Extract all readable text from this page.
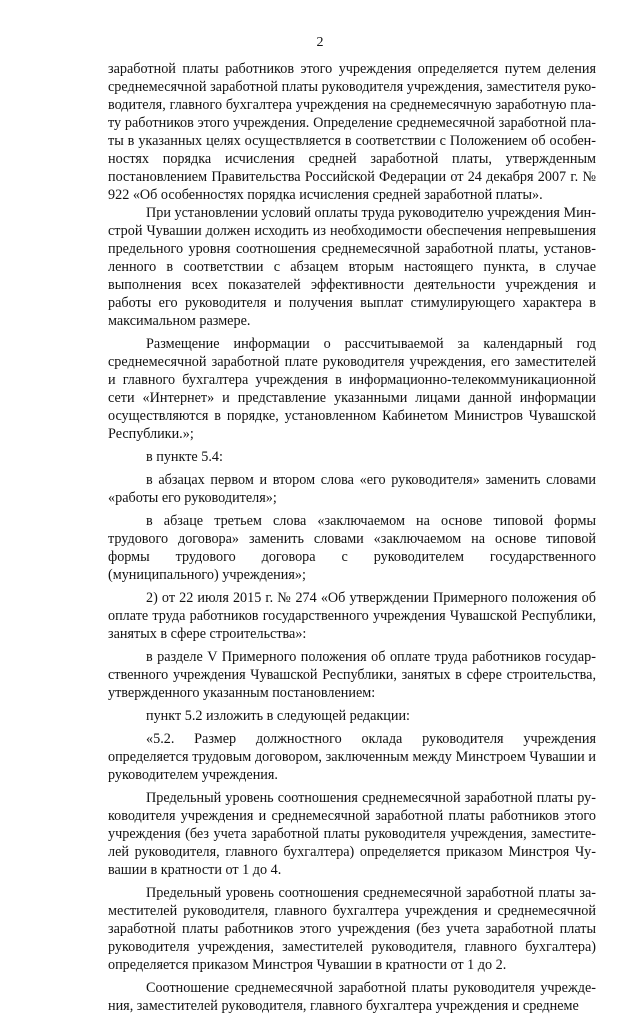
2

заработной платы работников этого учреждения определяется путем деления среднемесячной заработной платы руководителя учреждения, заместителя руководителя, главного бухгалтера учреждения на среднемесячную заработную плату работников этого учреждения. Определение среднемесячной заработной платы в указанных целях осуществляется в соответствии с Положением об особенностях порядка исчисления средней заработной платы, утвержденным постановлением Правительства Российской Федерации от 24 декабря 2007 г. № 922 «Об особенностях порядка исчисления средней заработной платы».

При установлении условий оплаты труда руководителю учреждения Минстрой Чувашии должен исходить из необходимости обеспечения непревышения предельного уровня соотношения среднемесячной заработной платы, установленного в соответствии с абзацем вторым настоящего пункта, в случае выполнения всех показателей эффективности деятельности учреждения и работы его руководителя и получения выплат стимулирующего характера в максимальном размере.

Размещение информации о рассчитываемой за календарный год среднемесячной заработной плате руководителя учреждения, его заместителей и главного бухгалтера учреждения в информационно-телекоммуникационной сети «Интернет» и представление указанными лицами данной информации осуществляются в порядке, установленном Кабинетом Министров Чувашской Республики.»;

в пункте 5.4:

в абзацах первом и втором слова «его руководителя» заменить словами «работы его руководителя»;

в абзаце третьем слова «заключаемом на основе типовой формы трудового договора» заменить словами «заключаемом на основе типовой формы трудового договора с руководителем государственного (муниципального) учреждения»;

2) от 22 июля 2015 г. № 274 «Об утверждении Примерного положения об оплате труда работников государственного учреждения Чувашской Республики, занятых в сфере строительства»:

в разделе V Примерного положения об оплате труда работников государственного учреждения Чувашской Республики, занятых в сфере строительства, утвержденного указанным постановлением:

пункт 5.2 изложить в следующей редакции:

«5.2. Размер должностного оклада руководителя учреждения определяется трудовым договором, заключенным между Минстроем Чувашии и руководителем учреждения.

Предельный уровень соотношения среднемесячной заработной платы руководителя учреждения и среднемесячной заработной платы работников этого учреждения (без учета заработной платы руководителя учреждения, заместителей руководителя, главного бухгалтера) определяется приказом Минстроя Чувашии в кратности от 1 до 4.

Предельный уровень соотношения среднемесячной заработной платы заместителей руководителя, главного бухгалтера учреждения и среднемесячной заработной платы работников этого учреждения (без учета заработной платы руководителя учреждения, заместителей руководителя, главного бухгалтера) определяется приказом Минстроя Чувашии в кратности от 1 до 2.

Соотношение среднемесячной заработной платы руководителя учреждения, заместителей руководителя, главного бухгалтера учреждения и среднеме
